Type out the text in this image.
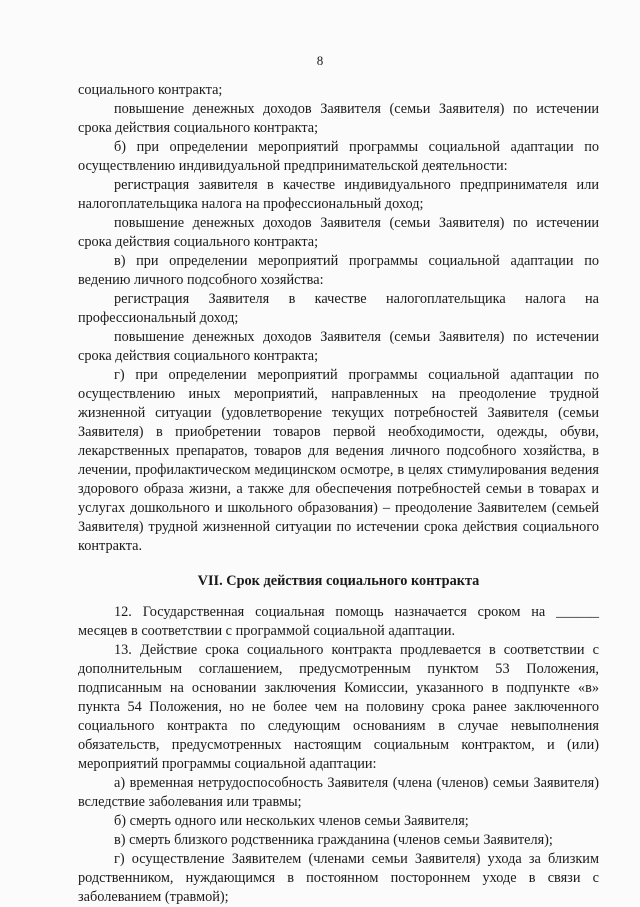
8

социального контракта;

повышение денежных доходов Заявителя (семьи Заявителя) по истечении срока действия социального контракта;

б) при определении мероприятий программы социальной адаптации по осуществлению индивидуальной предпринимательской деятельности:

регистрация заявителя в качестве индивидуального предпринимателя или налогоплательщика налога на профессиональный доход;

повышение денежных доходов Заявителя (семьи Заявителя) по истечении срока действия социального контракта;

в) при определении мероприятий программы социальной адаптации по ведению личного подсобного хозяйства:

регистрация Заявителя в качестве налогоплательщика налога на профессиональный доход;

повышение денежных доходов Заявителя (семьи Заявителя) по истечении срока действия социального контракта;

г) при определении мероприятий программы социальной адаптации по осуществлению иных мероприятий, направленных на преодоление трудной жизненной ситуации (удовлетворение текущих потребностей Заявителя (семьи Заявителя) в приобретении товаров первой необходимости, одежды, обуви, лекарственных препаратов, товаров для ведения личного подсобного хозяйства, в лечении, профилактическом медицинском осмотре, в целях стимулирования ведения здорового образа жизни, а также для обеспечения потребностей семьи в товарах и услугах дошкольного и школьного образования) – преодоление Заявителем (семьей Заявителя) трудной жизненной ситуации по истечении срока действия социального контракта.

VII. Срок действия социального контракта

12. Государственная социальная помощь назначается сроком на ______ месяцев в соответствии с программой социальной адаптации.

13. Действие срока социального контракта продлевается в соответствии с дополнительным соглашением, предусмотренным пунктом 53 Положения, подписанным на основании заключения Комиссии, указанного в подпункте «в» пункта 54 Положения, но не более чем на половину срока ранее заключенного социального контракта по следующим основаниям в случае невыполнения обязательств, предусмотренных настоящим социальным контрактом, и (или) мероприятий программы социальной адаптации:

а) временная нетрудоспособность Заявителя (члена (членов) семьи Заявителя) вследствие заболевания или травмы;

б) смерть одного или нескольких членов семьи Заявителя;

в) смерть близкого родственника гражданина (членов семьи Заявителя);

г) осуществление Заявителем (членами семьи Заявителя) ухода за близким родственником, нуждающимся в постоянном постороннем уходе в связи с заболеванием (травмой);
